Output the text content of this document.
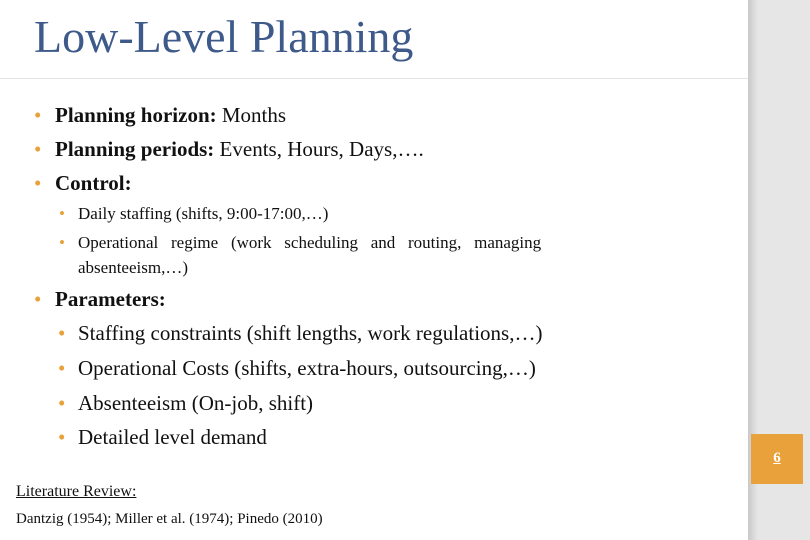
Low-Level Planning
• Planning horizon: Months
• Planning periods: Events, Hours, Days,….
• Control:
• Daily staffing (shifts, 9:00-17:00,…)
• Operational   regime   (work   scheduling   and   routing,   managing
absenteeism,…)
• Parameters:
• Staffing constraints (shift lengths, work regulations,…)
• Operational Costs (shifts, extra-hours, outsourcing,…)
• Absenteeism (On-job, shift)
• Detailed level demand
Literature Review:
Dantzig (1954); Miller et al. (1974); Pinedo (2010)
6
